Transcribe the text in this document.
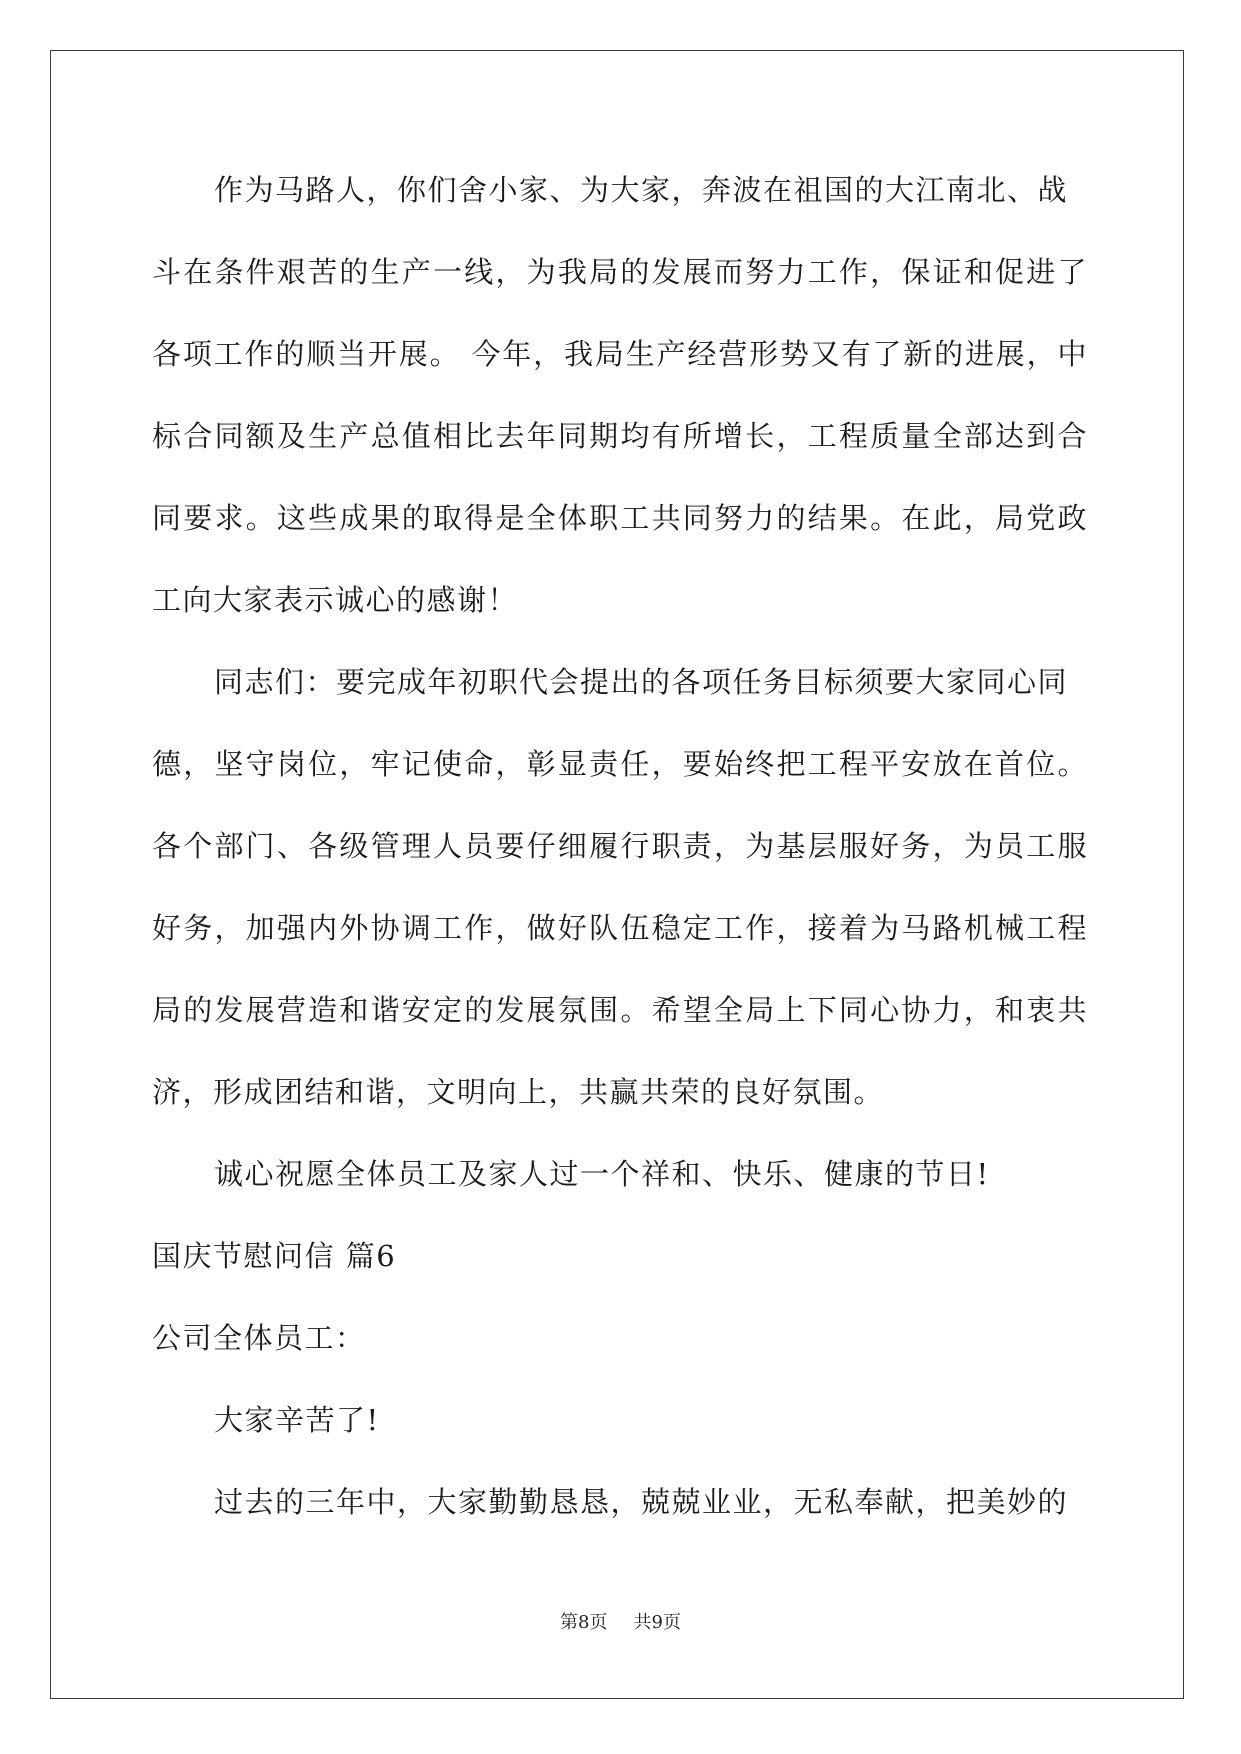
作为马路人，你们舍小家、为大家，奔波在祖国的大江南北、战
斗在条件艰苦的生产一线，为我局的发展而努力工作，保证和促进了
各项工作的顺当开展。 今年，我局生产经营形势又有了新的进展，中
标合同额及生产总值相比去年同期均有所增长，工程质量全部达到合
同要求。这些成果的取得是全体职工共同努力的结果。在此，局党政
工向大家表示诚心的感谢！
同志们：要完成年初职代会提出的各项任务目标须要大家同心同
德，坚守岗位，牢记使命，彰显责任，要始终把工程平安放在首位。
各个部门、各级管理人员要仔细履行职责，为基层服好务，为员工服
好务，加强内外协调工作，做好队伍稳定工作，接着为马路机械工程
局的发展营造和谐安定的发展氛围。希望全局上下同心协力，和衷共
济，形成团结和谐，文明向上，共赢共荣的良好氛围。
诚心祝愿全体员工及家人过一个祥和、快乐、健康的节日!
国庆节慰问信 篇6
公司全体员工：
大家辛苦了!
过去的三年中，大家勤勤恳恳，兢兢业业，无私奉献，把美妙的
第8页 共9页
